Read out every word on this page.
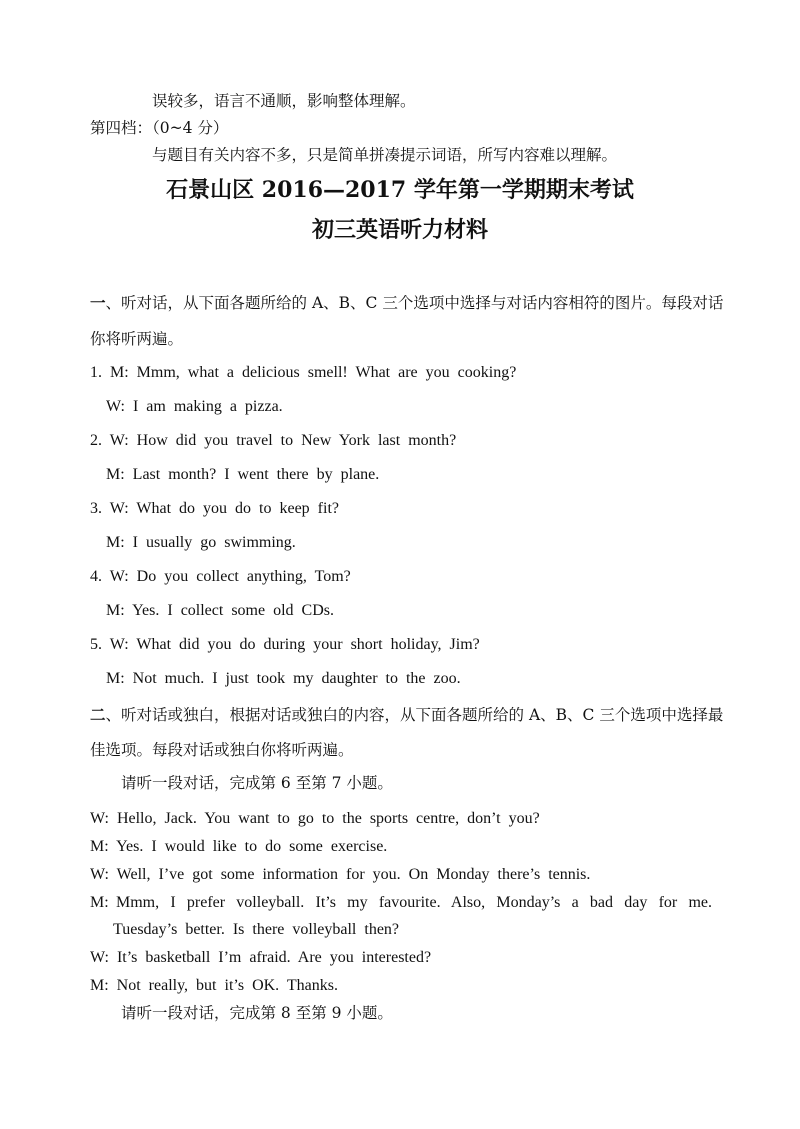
误较多，语言不通顺，影响整体理解。
第四档：（0~4 分）
与题目有关内容不多，只是简单拼凑提示词语，所写内容难以理解。
石景山区 2016—2017 学年第一学期期末考试
初三英语听力材料
一、听对话，从下面各题所给的 A、B、C 三个选项中选择与对话内容相符的图片。每段对话
你将听两遍。
1. M: Mmm, what a delicious smell! What are you cooking?
W: I am making a pizza.
2. W: How did you travel to New York last month?
M: Last month? I went there by plane.
3. W: What do you do to keep fit?
M: I usually go swimming.
4. W: Do you collect anything, Tom?
M: Yes. I collect some old CDs.
5. W: What did you do during your short holiday, Jim?
M: Not much. I just took my daughter to the zoo.
二、听对话或独白，根据对话或独白的内容，从下面各题所给的 A、B、C 三个选项中选择最
佳选项。每段对话或独白你将听两遍。
请听一段对话，完成第 6 至第 7 小题。
W: Hello, Jack. You want to go to the sports centre, don’t you?
M: Yes. I would like to do some exercise.
W: Well, I’ve got some information for you. On Monday there’s tennis.
M: Mmm, I prefer volleyball. It’s my favourite. Also, Monday’s a bad day for me.
Tuesday’s better. Is there volleyball then?
W: It’s basketball I’m afraid. Are you interested?
M: Not really, but it’s OK. Thanks.
请听一段对话，完成第 8 至第 9 小题。
